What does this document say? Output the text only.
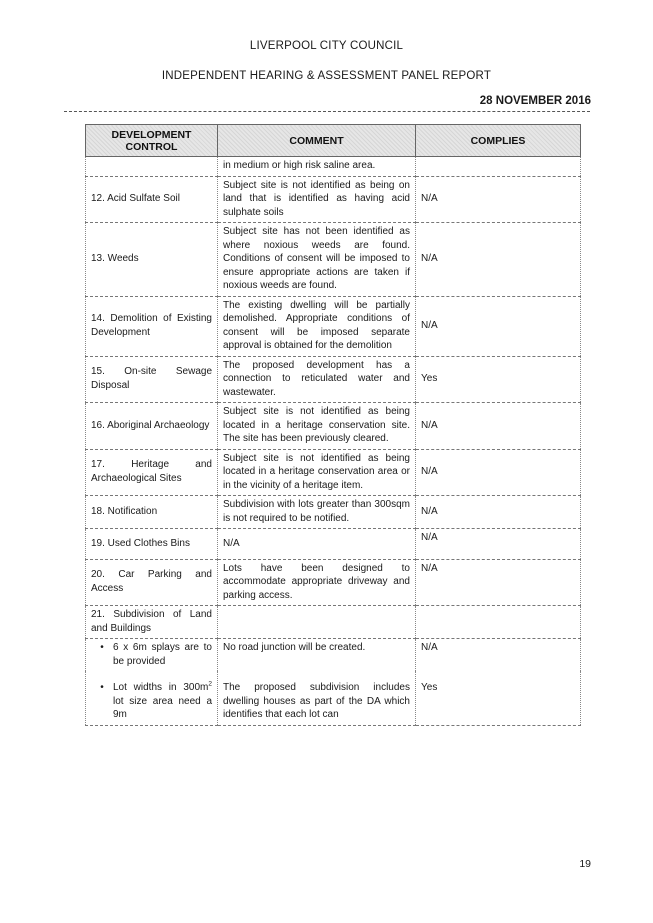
LIVERPOOL CITY COUNCIL
INDEPENDENT HEARING & ASSESSMENT PANEL REPORT
28 NOVEMBER 2016
DEVELOPMENT CONTROL	COMMENT	COMPLIES
	in medium or high risk saline area.	
12. Acid Sulfate Soil	Subject site is not identified as being on land that is identified as having acid sulphate soils	N/A
13. Weeds	Subject site has not been identified as where noxious weeds are found. Conditions of consent will be imposed to ensure appropriate actions are taken if noxious weeds are found.	N/A
14. Demolition of Existing Development	The existing dwelling will be partially demolished. Appropriate conditions of consent will be imposed separate approval is obtained for the demolition	N/A
15. On-site Sewage Disposal	The proposed development has a connection to reticulated water and wastewater.	Yes
16. Aboriginal Archaeology	Subject site is not identified as being located in a heritage conservation site. The site has been previously cleared.	N/A
17. Heritage and Archaeological Sites	Subject site is not identified as being located in a heritage conservation area or in the vicinity of a heritage item.	N/A
18. Notification	Subdivision with lots greater than 300sqm is not required to be notified.	N/A
19. Used Clothes Bins	N/A	N/A
20. Car Parking and Access	Lots have been designed to accommodate appropriate driveway and parking access.	N/A
21. Subdivision of Land and Buildings		

• 6 x 6m splays are to be provided	No road junction will be created.	N/A

• Lot widths in $300m^2$ lot size area need a 9m	The proposed subdivision includes dwelling houses as part of the DA which identifies that each lot can	Yes
19
